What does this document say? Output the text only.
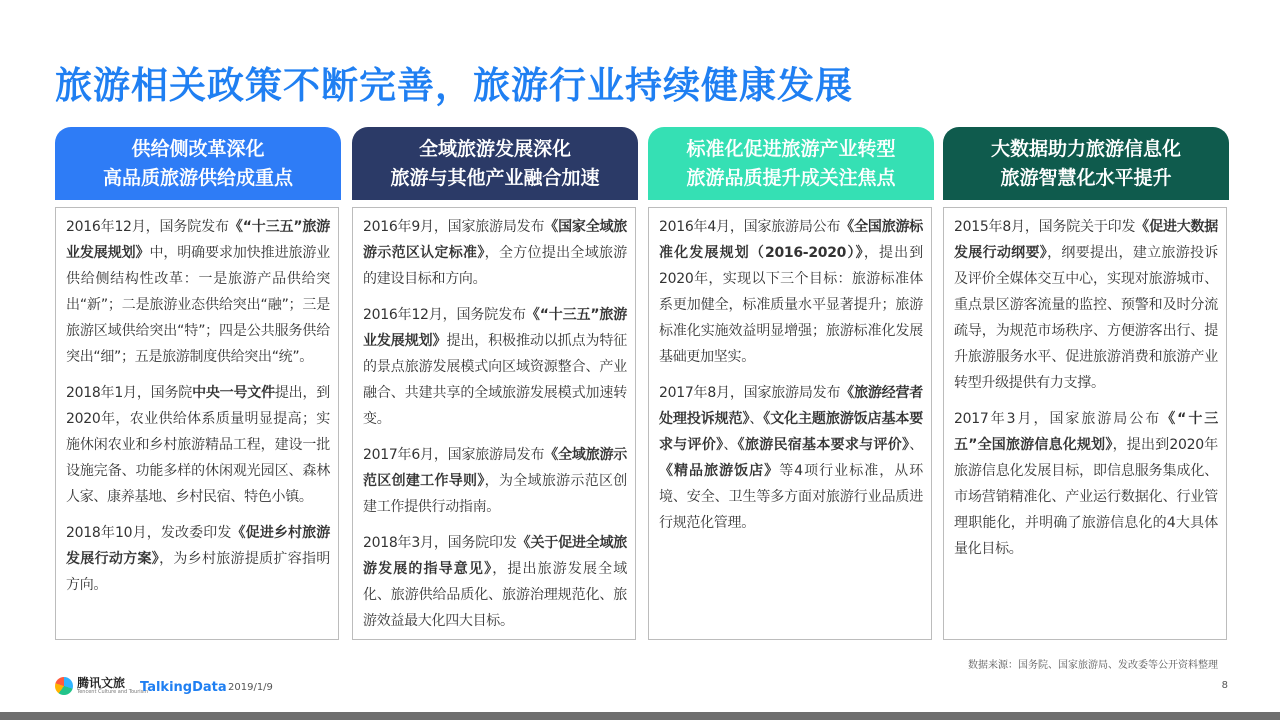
旅游相关政策不断完善，旅游行业持续健康发展
供给侧改革深化
高品质旅游供给成重点

2016年12月，国务院发布《“十三五”旅游业发展规划》中，明确要求加快推进旅游业供给侧结构性改革：一是旅游产品供给突出“新”；二是旅游业态供给突出“融”；三是旅游区域供给突出“特”；四是公共服务供给突出“细”；五是旅游制度供给突出“统”。

2018年1月，国务院中央一号文件提出，到2020年，农业供给体系质量明显提高；实施休闲农业和乡村旅游精品工程，建设一批设施完备、功能多样的休闲观光园区、森林人家、康养基地、乡村民宿、特色小镇。

2018年10月，发改委印发《促进乡村旅游发展行动方案》，为乡村旅游提质扩容指明方向。

全域旅游发展深化
旅游与其他产业融合加速

2016年9月，国家旅游局发布《国家全域旅游示范区认定标准》，全方位提出全域旅游的建设目标和方向。

2016年12月，国务院发布《“十三五”旅游业发展规划》提出，积极推动以抓点为特征的景点旅游发展模式向区域资源整合、产业融合、共建共享的全域旅游发展模式加速转变。

2017年6月，国家旅游局发布《全域旅游示范区创建工作导则》，为全域旅游示范区创建工作提供行动指南。

2018年3月，国务院印发《关于促进全域旅游发展的指导意见》，提出旅游发展全域化、旅游供给品质化、旅游治理规范化、旅游效益最大化四大目标。

标准化促进旅游产业转型
旅游品质提升成关注焦点

2016年4月，国家旅游局公布《全国旅游标准化发展规划（2016-2020）》，提出到2020年，实现以下三个目标：旅游标准体系更加健全，标准质量水平显著提升；旅游标准化实施效益明显增强；旅游标准化发展基础更加坚实。

2017年8月，国家旅游局发布《旅游经营者处理投诉规范》、《文化主题旅游饭店基本要求与评价》、《旅游民宿基本要求与评价》、《精品旅游饭店》等4项行业标准，从环境、安全、卫生等多方面对旅游行业品质进行规范化管理。

大数据助力旅游信息化
旅游智慧化水平提升

2015年8月，国务院关于印发《促进大数据发展行动纲要》，纲要提出，建立旅游投诉及评价全媒体交互中心，实现对旅游城市、重点景区游客流量的监控、预警和及时分流疏导，为规范市场秩序、方便游客出行、提升旅游服务水平、促进旅游消费和旅游产业转型升级提供有力支撑。

2017年3月，国家旅游局公布《“十三五”全国旅游信息化规划》，提出到2020年旅游信息化发展目标，即信息服务集成化、市场营销精准化、产业运行数据化、行业管理职能化，并明确了旅游信息化的4大具体量化目标。

数据来源：国务院、国家旅游局、发改委等公开资料整理
腾讯文旅
Tencent Culture and Tourism
TalkingData 2019/1/9	8
